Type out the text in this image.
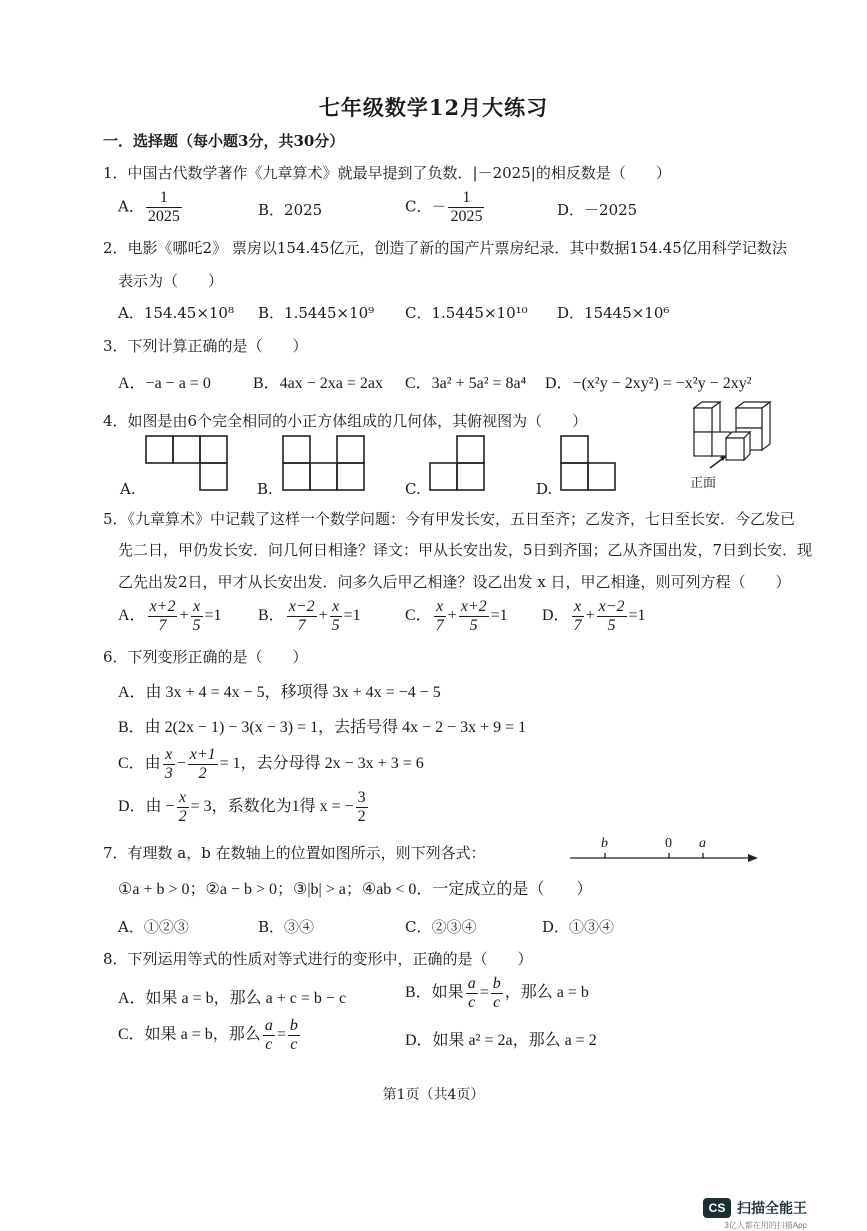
七年级数学12月大练习
一．选择题（每小题3分，共30分）
1．中国古代数学著作《九章算术》就最早提到了负数．|－2025|的相反数是（　　）
A． $\frac{1}{2025}$	B．2025	C．－ $\frac{1}{2025}$	D．－2025
2．电影《哪吒2》 票房以154.45亿元，创造了新的国产片票房纪录．其中数据154.45亿用科学记数法
表示为（　　）
A．154.45×10⁸ B．1.5445×10⁹ C．1.5445×10¹⁰ D．15445×10⁶
3．下列计算正确的是（　　）
A．−a − a = 0	B．4ax − 2xa = 2ax C．3a² + 5a² = 8a⁴ D．−(x²y − 2xy²) = −x²y − 2xy²
4．如图是由6个完全相同的小正方体组成的几何体，其俯视图为（　　）
A.	B.	C.	D.	正面
5．《九章算术》中记载了这样一个数学问题：今有甲发长安，五日至齐；乙发齐，七日至长安．今乙发已
先二日，甲仍发长安．问几何日相逢？译文：甲从长安出发，5日到齐国；乙从齐国出发，7日到长安．现
乙先出发2日，甲才从长安出发．问多久后甲乙相逢？设乙出发 x 日，甲乙相逢，则可列方程（　　）
A． $\frac{x+2}{7} + \frac{x}{5} =1$ B． $\frac{x-2}{7} + \frac{x}{5} =1$	C． $\frac{x}{7} + \frac{x+2}{5} =1$ D． $\frac{x}{7} + \frac{x-2}{5} =1$
6．下列变形正确的是（　　）
A．由 3x + 4 = 4x − 5，移项得 3x + 4x = −4 − 5
B．由 2(2x − 1) − 3(x − 3) = 1，去括号得 4x − 2 − 3x + 9 = 1
C．由 $\frac{x}{3} - \frac{x+1}{2} = 1$，去分母得 2x − 3x + 3 = 6
D．由 − $\frac{x}{2} = 3$，系数化为1得 x = − $\frac{3}{2}$
7．有理数 a，b 在数轴上的位置如图所示，则下列各式：
b	0 a
①a + b > 0；②a − b > 0；③|b| > a；④ab < 0．一定成立的是（　　）
A．①②③	B．③④	C．②③④	D．①③④
8．下列运用等式的性质对等式进行的变形中，正确的是（　　）
A．如果 a = b，那么 a + c = b − c	B．如果 $\frac{a}{c} = \frac{b}{c}$ ，那么 a = b
C．如果 a = b，那么 $\frac{a}{c} = \frac{b}{c}$	D．如果 a² = 2a，那么 a = 2
第1页（共4页）
CS 扫描全能王
3亿人都在用的扫描App
